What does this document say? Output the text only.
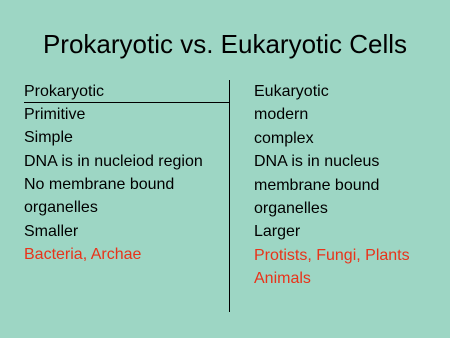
Prokaryotic vs. Eukaryotic Cells
Prokaryotic
Primitive
Simple
DNA is in nucleiod region
No membrane bound
organelles
Smaller
Bacteria, Archae
Eukaryotic
modern
complex
DNA is in nucleus
membrane bound
organelles
Larger
Protists, Fungi, Plants
Animals
